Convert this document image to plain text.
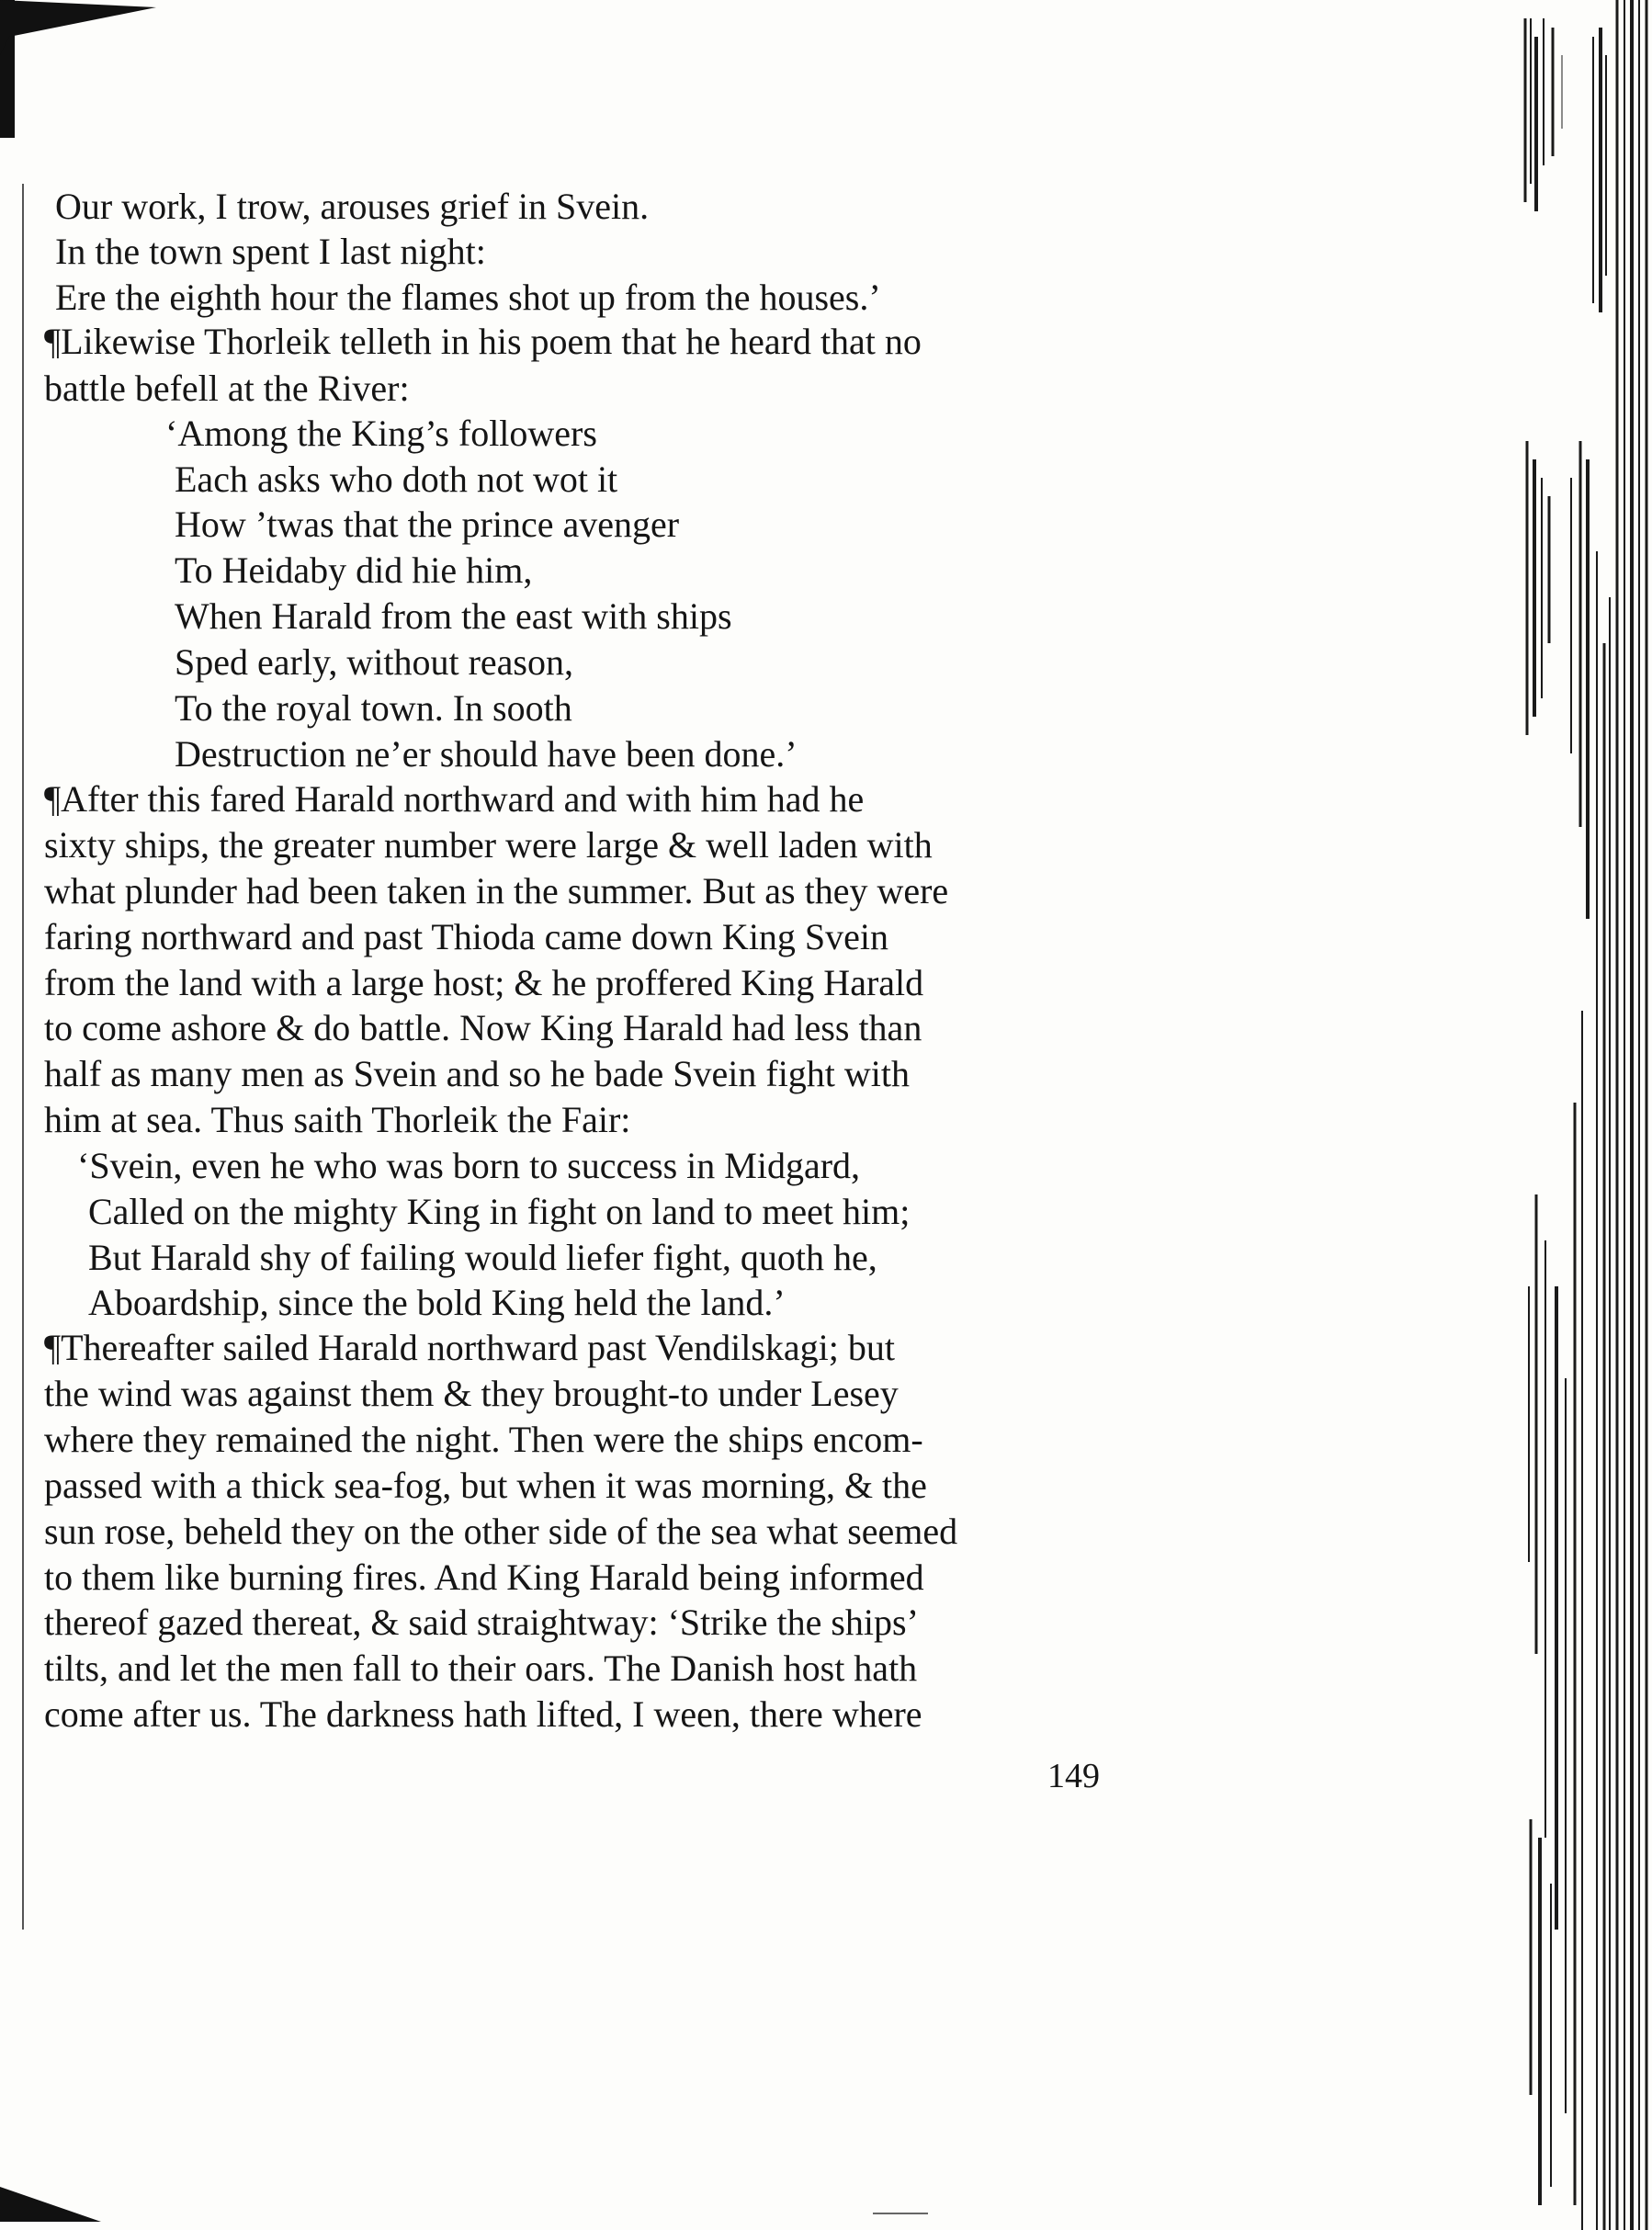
Our work, I trow, arouses grief in Svein.
In the town spent I last night:
Ere the eighth hour the flames shot up from the houses.’
¶Likewise Thorleik telleth in his poem that he heard that no
battle befell at the River:
‘Among the King’s followers
Each asks who doth not wot it
How ’twas that the prince avenger
To Heidaby did hie him,
When Harald from the east with ships
Sped early, without reason,
To the royal town. In sooth
Destruction ne’er should have been done.’
¶After this fared Harald northward and with him had he
sixty ships, the greater number were large & well laden with
what plunder had been taken in the summer. But as they were
faring northward and past Thioda came down King Svein
from the land with a large host; & he proffered King Harald
to come ashore & do battle. Now King Harald had less than
half as many men as Svein and so he bade Svein fight with
him at sea. Thus saith Thorleik the Fair:
‘Svein, even he who was born to success in Midgard,
Called on the mighty King in fight on land to meet him;
But Harald shy of failing would liefer fight, quoth he,
Aboardship, since the bold King held the land.’
¶Thereafter sailed Harald northward past Vendilskagi; but
the wind was against them & they brought-to under Lesey
where they remained the night. Then were the ships encom-
passed with a thick sea-fog, but when it was morning, & the
sun rose, beheld they on the other side of the sea what seemed
to them like burning fires. And King Harald being informed
thereof gazed thereat, & said straightway: ‘Strike the ships’
tilts, and let the men fall to their oars. The Danish host hath
come after us. The darkness hath lifted, I ween, there where
149
